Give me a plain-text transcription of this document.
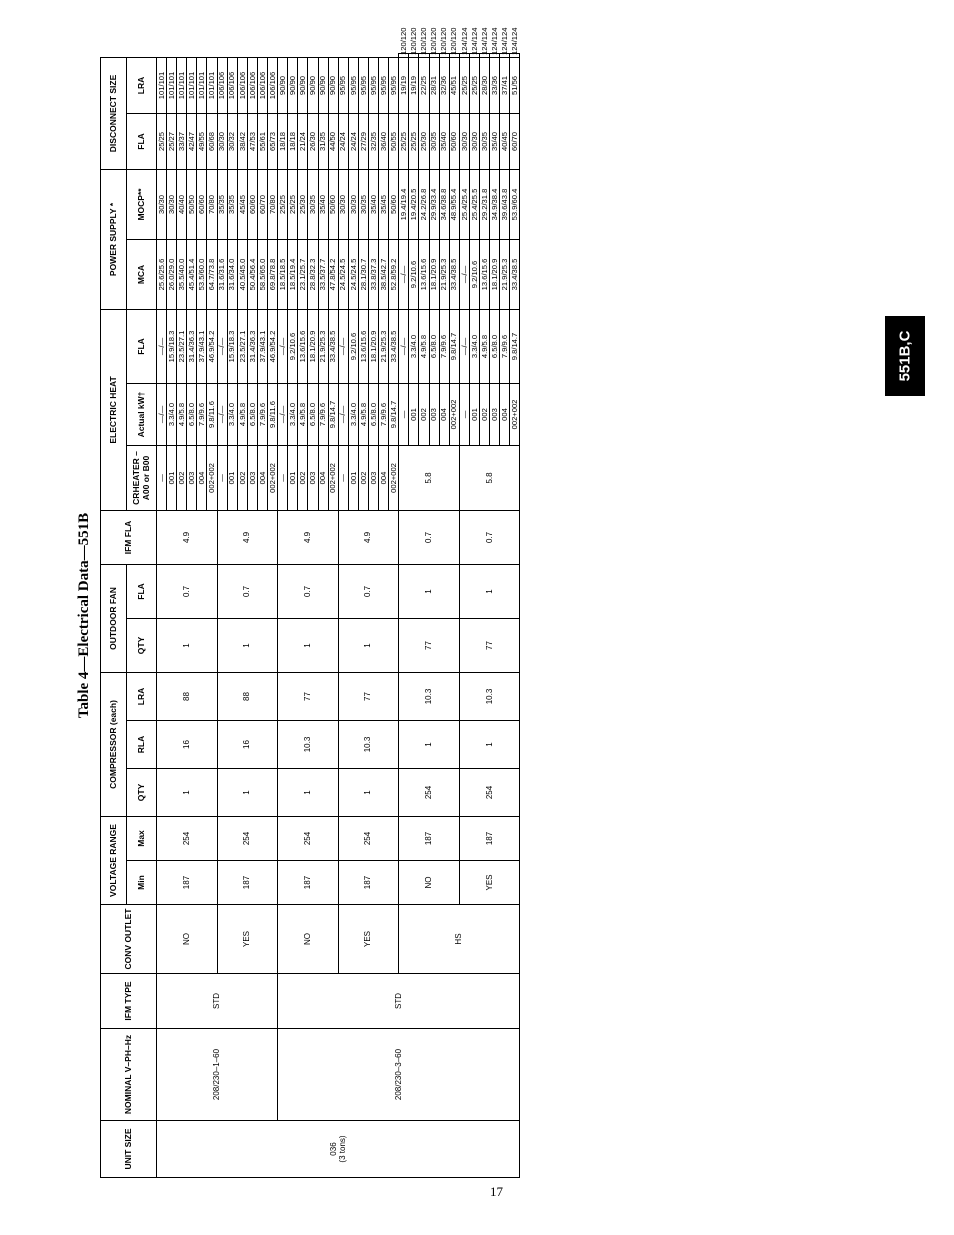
Table 4—Electrical Data—551B
UNIT SIZE	NOMINAL V–PH–Hz	IFM TYPE	CONV OUTLET	VOLTAGE RANGE		COMPRESSOR (each)			OUTDOOR FAN		IFM FLA	ELECTRIC HEAT			POWER SUPPLY *		DISCONNECT SIZE		
				Min	Max	QTY	RLA	LRA	QTY	FLA		CRHEATER –A00 or B00	Actual kW†	FLA	MCA	MOCP**	FLA	LRA	
036 (3 tons)	208/230–1–60	STD	NO	187	254	1	16	88	1	0.7	4.9	—	—/—	—/—	25.6/25.6	30/30	25/25	101/101	
												001	3.3/4.0	15.9/18.3	26.0/29.0	30/30	25/27	101/101	
												002	4.9/5.8	23.5/27.1	35.5/40.0	40/40	33/37	101/101	
												003	6.5/8.0	31.4/36.3	45.4/51.4	50/50	42/47	101/101	
												004	7.9/9.6	37.9/43.1	53.5/60.0	60/60	49/55	101/101	
												002+002	9.8/11.6	46.9/54.2	64.7/73.8	70/80	60/68	101/101	
			YES	187	254	1	16	88	1	0.7	4.9	—	—/—	—/—	31.6/31.6	35/35	30/30	106/106	
												001	3.3/4.0	15.9/18.3	31.6/34.0	35/35	30/32	106/106	
												002	4.9/5.8	23.5/27.1	40.5/45.0	45/45	38/42	106/106	
												003	6.5/8.0	31.4/36.3	50.4/56.4	60/60	47/53	106/106	
												004	7.9/9.6	37.9/43.1	58.5/65.0	60/70	55/61	106/106	
												002+002	9.8/11.6	46.9/54.2	69.8/78.8	70/80	65/73	106/106	
	208/230–3–60	STD	NO	187	254	1	10.3	77	1	0.7	4.9	—	—/—	—/—	18.5/18.5	25/25	18/18	90/90	
												001	3.3/4.0	9.2/10.6	18.5/19.4	25/25	18/18	90/90	
												002	4.9/5.8	13.6/15.6	23.1/25.7	25/30	21/24	90/90	
												003	6.5/8.0	18.1/20.9	28.8/32.3	30/35	26/30	90/90	
												004	7.9/9.6	21.9/25.3	33.5/37.7	35/40	31/35	90/90	
												002+002	9.8/14.7	33.4/38.5	47.8/54.2	50/60	44/50	90/90	
			YES	187	254	1	10.3	77	1	0.7	4.9	—	—/—	—/—	24.5/24.5	30/30	24/24	95/95	
												001	3.3/4.0	9.2/10.6	24.5/24.5	30/30	24/24	95/95	
												002	4.9/5.8	13.6/15.6	28.1/30.7	30/35	27/29	95/95	
												003	6.5/8.0	18.1/20.9	33.8/37.3	35/40	32/35	95/95	
												004	7.9/9.6	21.9/25.3	38.5/42.7	35/45	36/40	95/95	
												002+002	9.8/14.7	33.4/38.5	52.8/59.2	50/60	50/55	95/95	
			HS	NO	187	254	1	10.3	77	1	0.7	5.8	—	—/—	—/—	19.4/19.4	25/25	19/19	120/120
													001	3.3/4.0	9.2/10.6	19.4/20.5	25/25	19/19	120/120
													002	4.9/5.8	13.6/15.6	24.2/26.8	25/30	22/25	120/120
													003	6.5/8.0	18.1/20.9	29.9/33.4	30/35	28/31	120/120
													004	7.9/9.6	21.9/25.3	34.6/38.8	35/40	32/36	120/120
													002+002	9.8/14.7	33.4/38.5	48.9/55.4	50/60	45/51	120/120
				YES	187	254	1	10.3	77	1	0.7	5.8	—	—/—	—/—	25.4/25.4	30/30	25/25	124/124
													001	3.3/4.0	9.2/10.6	25.4/25.5	30/30	25/25	124/124
													002	4.9/5.8	13.6/15.6	29.2/31.8	30/35	28/30	124/124
													003	6.5/8.0	18.1/20.9	34.9/38.4	35/40	33/36	124/124
													004	7.9/9.6	21.9/25.3	39.6/43.8	40/45	37/41	124/124
													002+002	9.8/14.7	33.4/38.5	53.9/60.4	60/70	51/56	124/124
17
551B,C
